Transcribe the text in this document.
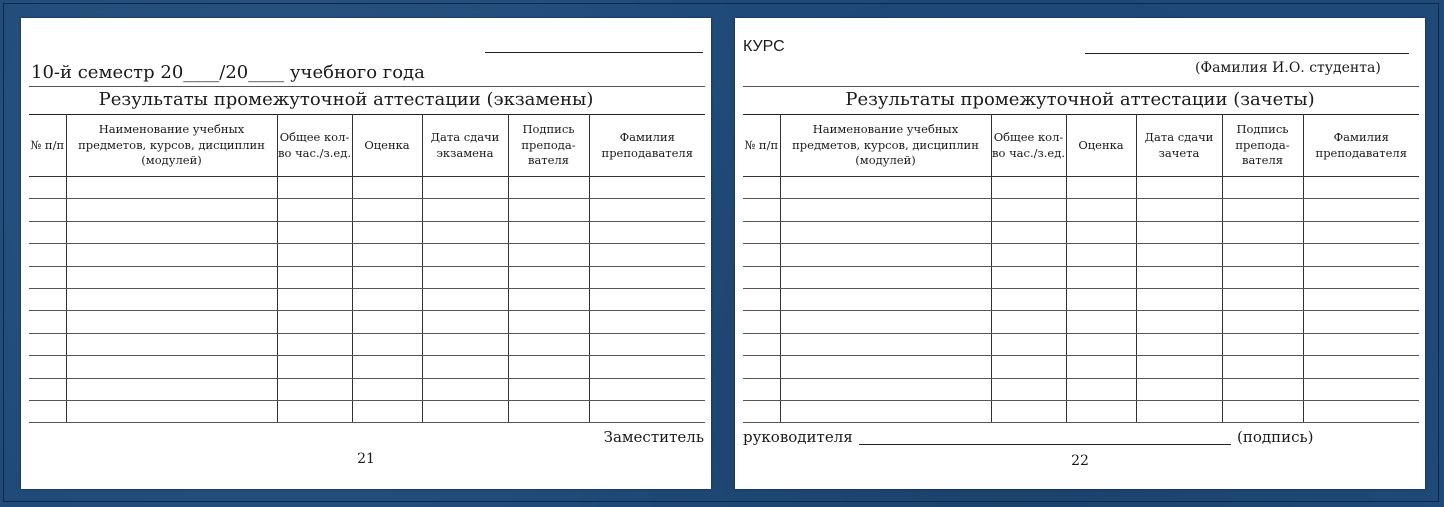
10-й семестр 20____/20____ учебного года
Результаты промежуточной аттестации (экзамены)
№ п/п	Наименование учебных предметов, курсов, дисциплин (модулей)	Общее кол-во час./з.ед.	Оценка	Дата сдачи экзамена	Подпись препода-вателя	Фамилия преподавателя

Заместитель
21
КУРС
(Фамилия И.О. студента)
Результаты промежуточной аттестации (зачеты)
№ п/п	Наименование учебных предметов, курсов, дисциплин (модулей)	Общее кол-во час./з.ед.	Оценка	Дата сдачи зачета	Подпись препода-вателя	Фамилия преподавателя

руководителя	(подпись)
22
